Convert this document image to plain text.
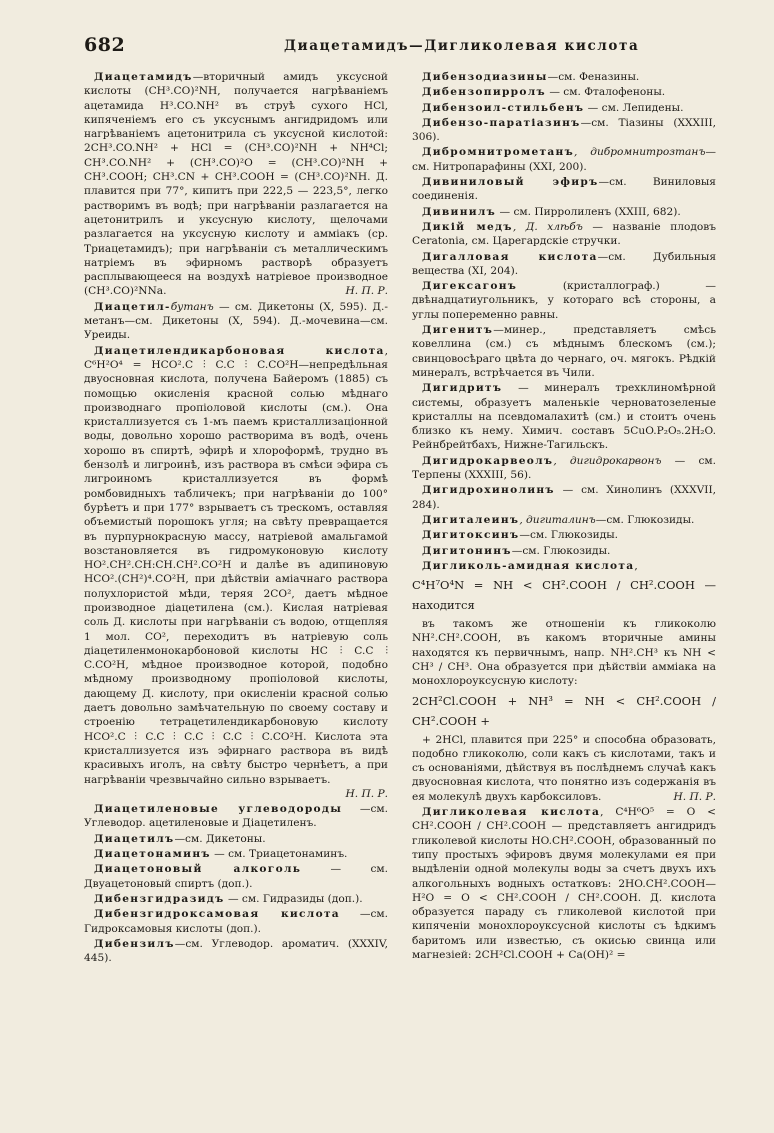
682	Диацетамидъ—Дигликолевая кислота

Диацетамидъ—вторичный амидъ уксусной кислоты (CH³.CO)²NH, получается нагрѣваніемъ ацетамида H³.CO.NH² въ струѣ сухого HCl, кипяченіемъ его съ уксуснымъ ангидридомъ или нагрѣваніемъ ацетонитрила съ уксусной кислотой: 2CH³.CO.NH² + HCl = (CH³.CO)²NH + NH⁴Cl; CH³.CO.NH² + (CH³.CO)²O = (CH³.CO)²NH + CH³.COOH; CH³.CN + CH³.COOH = (CH³.CO)²NH. Д. плавится при 77°, кипитъ при 222,5 — 223,5°, легко растворимъ въ водѣ; при нагрѣваніи разлагается на ацетонитрилъ и уксусную кислоту, щелочами разлагается на уксусную кислоту и аммiакъ (ср. Триацетамидъ); при нагрѣваніи съ металлическимъ натріемъ въ эфирномъ растворѣ образуетъ расплывающееся на воздухѣ натріевое производное (CH³.CO)²NNa.	Н. П. Р.

Диацетил-бутанъ — см. Дикетоны (X, 595). Д.-метанъ—см. Дикетоны (X, 594). Д.-мочевина—см. Уреиды.

Диацетилендикарбоновая кислота, C⁶H²O⁴ = HCO².C ⫶ C.C ⫶ C.CO²H—непредѣльная двуосновная кислота, получена Байеромъ (1885) съ помощью окисленія красной солью мѣднаго производнаго пропіоловой кислоты (см.). Она кристаллизуется съ 1-мъ паемъ кристаллизаціонной воды, довольно хорошо растворима въ водѣ, очень хорошо въ спиртѣ, эфирѣ и хлороформѣ, трудно въ бензолѣ и лигроинѣ, изъ раствора въ смѣси эфира съ лигроиномъ кристаллизуется въ формѣ ромбовидныхъ табличекъ; при нагрѣваніи до 100° бурѣетъ и при 177° взрываетъ съ трескомъ, оставляя объемистый порошокъ угля; на свѣту превращается въ пурпурнокрасную массу, натріевой амальгамой возстановляется въ гидромуконовую кислоту HO².CH².CH:CH.CH².CO²H и далѣе въ адипиновую HCO².(CH²)⁴.CO²H, при дѣйствіи аміачнаго раствора полухлористой мѣди, теряя 2CO², даетъ мѣдное производное діацетилена (см.). Кислая натріевая соль Д. кислоты при нагрѣваніи съ водою, отщепляя 1 мол. CO², переходитъ въ натріевую соль діацетиленмонокарбоновой кислоты HC ⫶ C.C ⫶ C.CO²H, мѣдное производное которой, подобно мѣдному производному пропіоловой кислоты, дающему Д. кислоту, при окисленіи красной солью даетъ довольно замѣчательную по своему составу и строенію тетрацетилендикарбоновую кислоту HCO².C ⫶ C.C ⫶ C.C ⫶ C.C ⫶ C.CO²H. Кислота эта кристаллизуется изъ эфирнаго раствора въ видѣ красивыхъ иголъ, на свѣту быстро чернѣетъ, а при нагрѣваніи чрезвычайно сильно взрываетъ.
Н. П. Р.

Диацетиленовые углеводороды —см. Углеводор. ацетиленовые и Діацетиленъ.

Диацетилъ—см. Дикетоны.

Диацетонаминъ — см. Триацетонаминъ.

Диацетоновый алкоголь — см. Двуацетоновый спиртъ (доп.).

Дибензгидразидъ — см. Гидразиды (доп.).

Дибензгидроксамовая кислота —см. Гидроксамовыя кислоты (доп.).

Дибензилъ—см. Углеводор. ароматич. (XXXIV, 445).

Дибензодиазины—см. Феназины.

Дибензопирролъ — см. Фталофеноны.

Дибензоил-стильбенъ — см. Лепидены.

Дибензо-паратіазинъ—см. Тіазины (XXXIII, 306).

Дибромнитрометанъ, дибромнитрозтанъ—см. Нитропарафины (XXI, 200).

Дивиниловый эфиръ—см. Виниловыя соединенія.

Дивинилъ — см. Пирролиленъ (XXIII, 682).

Дикій медъ, Д. хлѣбъ — названіе плодовъ Ceratonia, см. Царегардскіе стручки.

Дигалловая кислота—см. Дубильныя вещества (XI, 204).

Дигексагонъ (кристаллограф.) — двѣнадцатиугольникъ, у котораго всѣ стороны, а углы попеременно равны.

Дигенитъ—минер., представляетъ смѣсь ковеллина (см.) съ мѣднымъ блескомъ (см.); свинцовосѣраго цвѣта до чернаго, оч. мягокъ. Рѣдкій минералъ, встрѣчается въ Чили.

Дигидритъ — минералъ трехклиномѣрной системы, образуетъ маленькіе черноватозеленые кристаллы на псевдомалахитѣ (см.) и стоитъ очень близко къ нему. Химич. составъ 5CuO.P₂O₅.2H₂O. Рейнбрейтбахъ, Нижне-Тагильскъ.

Дигидрокарвеолъ, дигидрокарвонъ — см. Терпены (XXXIII, 56).

Дигидрохинолинъ — см. Хинолинъ (XXXVII, 284).

Дигиталеинъ, дигиталинъ—см. Глюкозиды.

Дигитоксинъ—см. Глюкозиды.

Дигитонинъ—см. Глюкозиды.

Дигликоль-амидная кислота,

C⁴H⁷O⁴N = NH < CH².COOH / CH².COOH — находится

въ такомъ же отношеніи къ гликоколю NH².CH².COOH, въ какомъ вторичные амины находятся къ первичнымъ, напр. NH².CH³ къ NH < CH³ / CH³. Она образуется при дѣйствіи аммiака на монохлороуксусную кислоту:

2CH²Cl.COOH + NH³ = NH < CH².COOH / CH².COOH +

+ 2HCl, плавится при 225° и способна образовать, подобно гликоколю, соли какъ съ кислотами, такъ и съ основаніями, дѣйствуя въ послѣднемъ случаѣ какъ двуосновная кислота, что понятно изъ содержанія въ ея молекулѣ двухъ карбоксиловъ.	Н. П. Р.

Дигликолевая кислота, C⁴H⁶O⁵ = O < CH².COOH / CH².COOH — представляетъ ангидридъ гликолевой кислоты HO.CH².COOH, образованный по типу простыхъ эфировъ двумя молекулами ея при выдѣленіи одной молекулы воды за счетъ двухъ ихъ алкогольныхъ водныхъ остатковъ: 2HO.CH².COOH—H²O = O < CH².COOH / CH².COOH. Д. кислота образуется параду съ гликолевой кислотой при кипяченіи монохлороуксусной кислоты съ ѣдкимъ баритомъ или известью, съ окисью свинца или магнезіей: 2CH²Cl.COOH + Ca(OH)² =
